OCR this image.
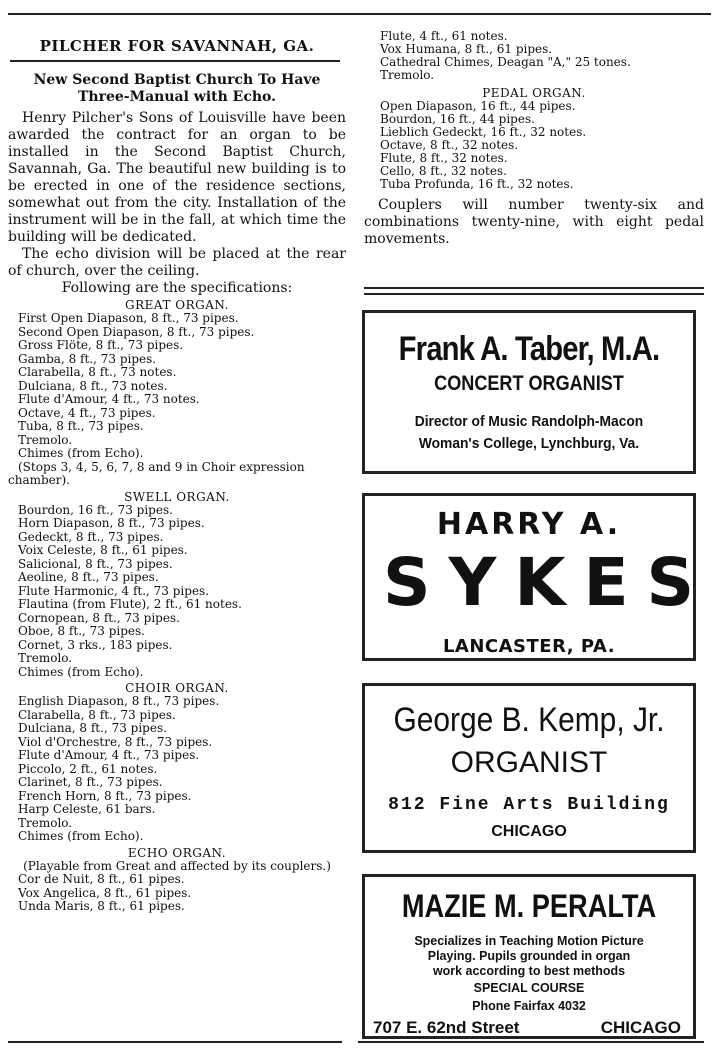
PILCHER FOR SAVANNAH, GA.

New Second Baptist Church To Have Three-Manual with Echo.

Henry Pilcher's Sons of Louisville have been awarded the contract for an organ to be installed in the Second Baptist Church, Savannah, Ga. The beautiful new building is to be erected in one of the residence sections, somewhat out from the city. Installation of the instrument will be in the fall, at which time the building will be dedicated.

The echo division will be placed at the rear of church, over the ceiling.

Following are the specifications:

GREAT ORGAN.

First Open Diapason, 8 ft., 73 pipes.

Second Open Diapason, 8 ft., 73 pipes.

Gross Flöte, 8 ft., 73 pipes.

Gamba, 8 ft., 73 pipes.

Clarabella, 8 ft., 73 notes.

Dulciana, 8 ft., 73 notes.

Flute d'Amour, 4 ft., 73 notes.

Octave, 4 ft., 73 pipes.

Tuba, 8 ft., 73 pipes.

Tremolo.

Chimes (from Echo).

(Stops 3, 4, 5, 6, 7, 8 and 9 in Choir expression chamber).

SWELL ORGAN.

Bourdon, 16 ft., 73 pipes.

Horn Diapason, 8 ft., 73 pipes.

Gedeckt, 8 ft., 73 pipes.

Voix Celeste, 8 ft., 61 pipes.

Salicional, 8 ft., 73 pipes.

Aeoline, 8 ft., 73 pipes.

Flute Harmonic, 4 ft., 73 pipes.

Flautina (from Flute), 2 ft., 61 notes.

Cornopean, 8 ft., 73 pipes.

Oboe, 8 ft., 73 pipes.

Cornet, 3 rks., 183 pipes.

Tremolo.

Chimes (from Echo).

CHOIR ORGAN.

English Diapason, 8 ft., 73 pipes.

Clarabella, 8 ft., 73 pipes.

Dulciana, 8 ft., 73 pipes.

Viol d'Orchestre, 8 ft., 73 pipes.

Flute d'Amour, 4 ft., 73 pipes.

Piccolo, 2 ft., 61 notes.

Clarinet, 8 ft., 73 pipes.

French Horn, 8 ft., 73 pipes.

Harp Celeste, 61 bars.

Tremolo.

Chimes (from Echo).

ECHO ORGAN.

(Playable from Great and affected by its couplers.)

Cor de Nuit, 8 ft., 61 pipes.

Vox Angelica, 8 ft., 61 pipes.

Unda Maris, 8 ft., 61 pipes.

Flute, 4 ft., 61 notes.

Vox Humana, 8 ft., 61 pipes.

Cathedral Chimes, Deagan "A," 25 tones.

Tremolo.

PEDAL ORGAN.

Open Diapason, 16 ft., 44 pipes.

Bourdon, 16 ft., 44 pipes.

Lieblich Gedeckt, 16 ft., 32 notes.

Octave, 8 ft., 32 notes.

Flute, 8 ft., 32 notes.

Cello, 8 ft., 32 notes.

Tuba Profunda, 16 ft., 32 notes.

Couplers will number twenty-six and combinations twenty-nine, with eight pedal movements.

Frank A. Taber, M.A.
CONCERT ORGANIST
Director of Music Randolph-Macon
Woman's College, Lynchburg, Va.
HARRY A.
SYKES
LANCASTER, PA.
George B. Kemp, Jr.
ORGANIST
812 Fine Arts Building
CHICAGO
MAZIE M. PERALTA
Specializes in Teaching Motion Picture
Playing. Pupils grounded in organ
work according to best methods
SPECIAL COURSE
Phone Fairfax 4032
707 E. 62nd Street	CHICAGO
